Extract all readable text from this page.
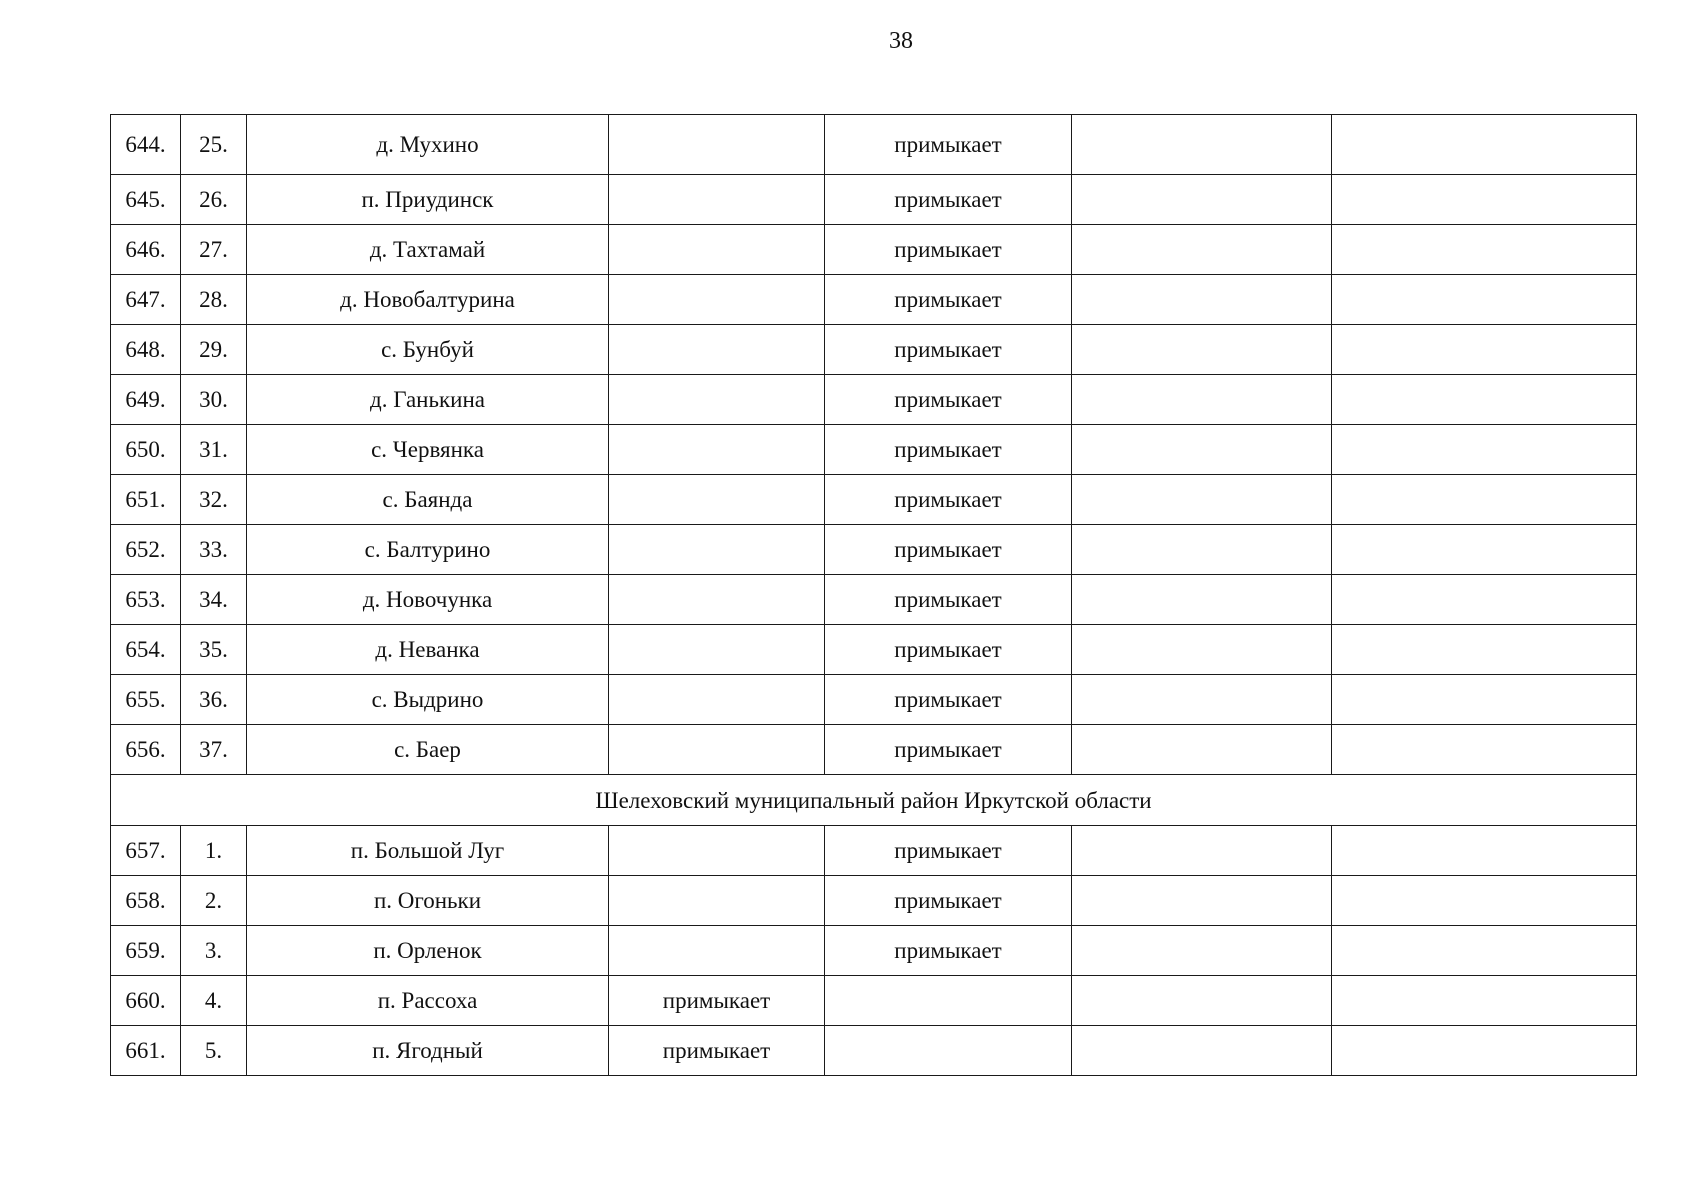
38
644.	25.	д. Мухино		примыкает		
645.	26.	п. Приудинск		примыкает		
646.	27.	д. Тахтамай		примыкает		
647.	28.	д. Новобалтурина		примыкает		
648.	29.	с. Бунбуй		примыкает		
649.	30.	д. Ганькина		примыкает		
650.	31.	с. Червянка		примыкает		
651.	32.	с. Баянда		примыкает		
652.	33.	с. Балтурино		примыкает		
653.	34.	д. Новочунка		примыкает		
654.	35.	д. Неванка		примыкает		
655.	36.	с. Выдрино		примыкает		
656.	37.	с. Баер		примыкает		
Шелеховский муниципальный район Иркутской области						
657.	1.	п. Большой Луг		примыкает		
658.	2.	п. Огоньки		примыкает		
659.	3.	п. Орленок		примыкает		
660.	4.	п. Рассоха	примыкает			
661.	5.	п. Ягодный	примыкает			
